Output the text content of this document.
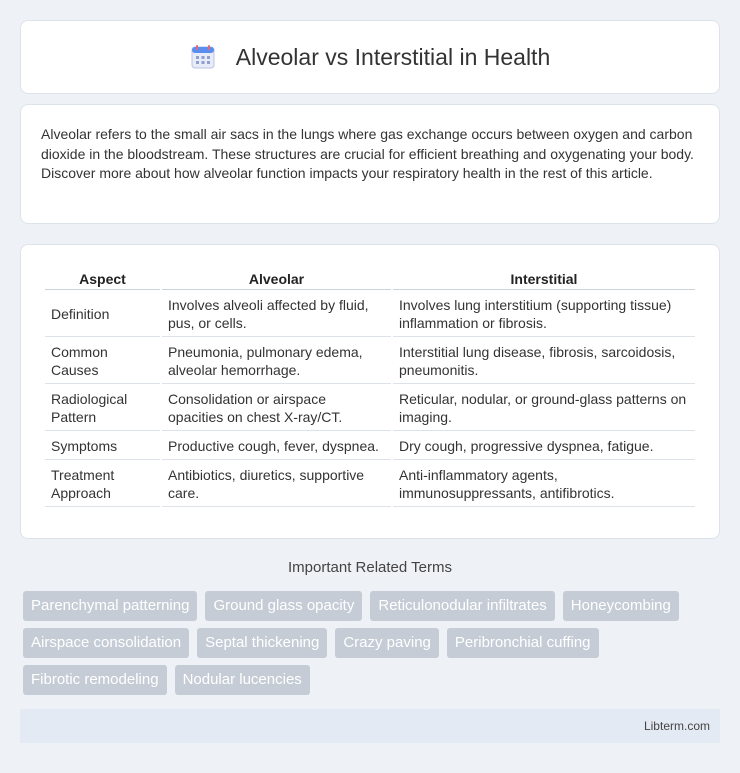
Alveolar vs Interstitial in Health

Alveolar refers to the small air sacs in the lungs where gas exchange occurs between oxygen and carbon dioxide in the bloodstream. These structures are crucial for efficient breathing and oxygenating your body. Discover more about how alveolar function impacts your respiratory health in the rest of this article.

Aspect	Alveolar	Interstitial
Definition	Involves alveoli affected by fluid, pus, or cells.	Involves lung interstitium (supporting tissue) inflammation or fibrosis.
Common Causes	Pneumonia, pulmonary edema, alveolar hemorrhage.	Interstitial lung disease, fibrosis, sarcoidosis, pneumonitis.
Radiological Pattern	Consolidation or airspace opacities on chest X-ray/CT.	Reticular, nodular, or ground-glass patterns on imaging.
Symptoms	Productive cough, fever, dyspnea.	Dry cough, progressive dyspnea, fatigue.
Treatment Approach	Antibiotics, diuretics, supportive care.	Anti-inflammatory agents, immunosuppressants, antifibrotics.
Important Related Terms
Parenchymal patterning	Ground glass opacity	Reticulonodular infiltrates	Honeycombing
Airspace consolidation	Septal thickening	Crazy paving	Peribronchial cuffing
Fibrotic remodeling	Nodular lucencies
Libterm.com
